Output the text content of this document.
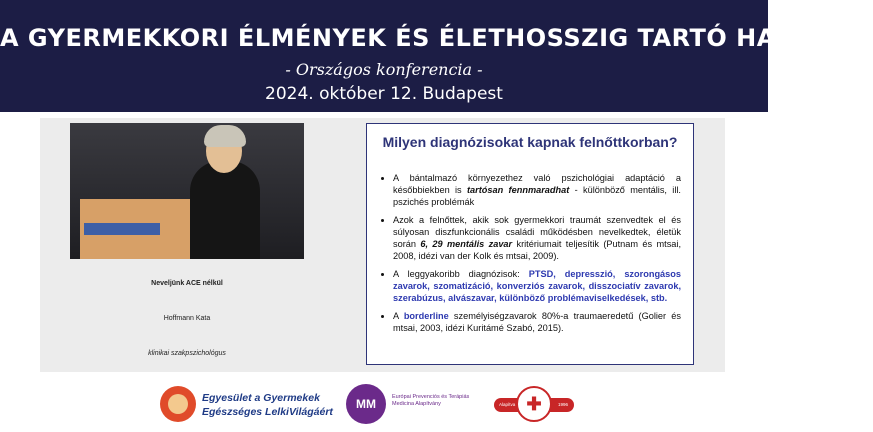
A GYERMEKKORI ÉLMÉNYEK ÉS ÉLETHOSSZIG TARTÓ HATÁSAIK
- Országos konferencia -
2024. október 12. Budapest
Neveljünk ACE nélkül
Hoffmann Kata
klinikai szakpszichológus
Milyen diagnózisokat kapnak felnőttkorban?
• A bántalmazó környezethez való pszichológiai adaptáció a későbbiekben is tartósan fennmaradhat - különböző mentális, ill. pszichés problémák
• Azok a felnőttek, akik sok gyermekkori traumát szenvedtek el és súlyosan diszfunkcionális családi működésben nevelkedtek, életük során 6, 29 mentális zavar kritériumait teljesítik (Putnam és mtsai, 2008, idézi van der Kolk és mtsai, 2009).
• A leggyakoribb diagnózisok: PTSD, depresszió, szorongásos zavarok, szomatizáció, konverziós zavarok, disszociatív zavarok, szerabúzus, alvászavar, különböző problémaviselkedések, stb.
• A borderline személyiségzavarok 80%-a traumaeredetű (Golier és mtsai, 2003, idézi Kuritámé Szabó, 2015).
Egyesület a Gyermekek
Egészséges LelkiVilágáért
MM	Európai Prevenciós és Terápiás Medicina Alapítvány	Alapítva	1996
✚
